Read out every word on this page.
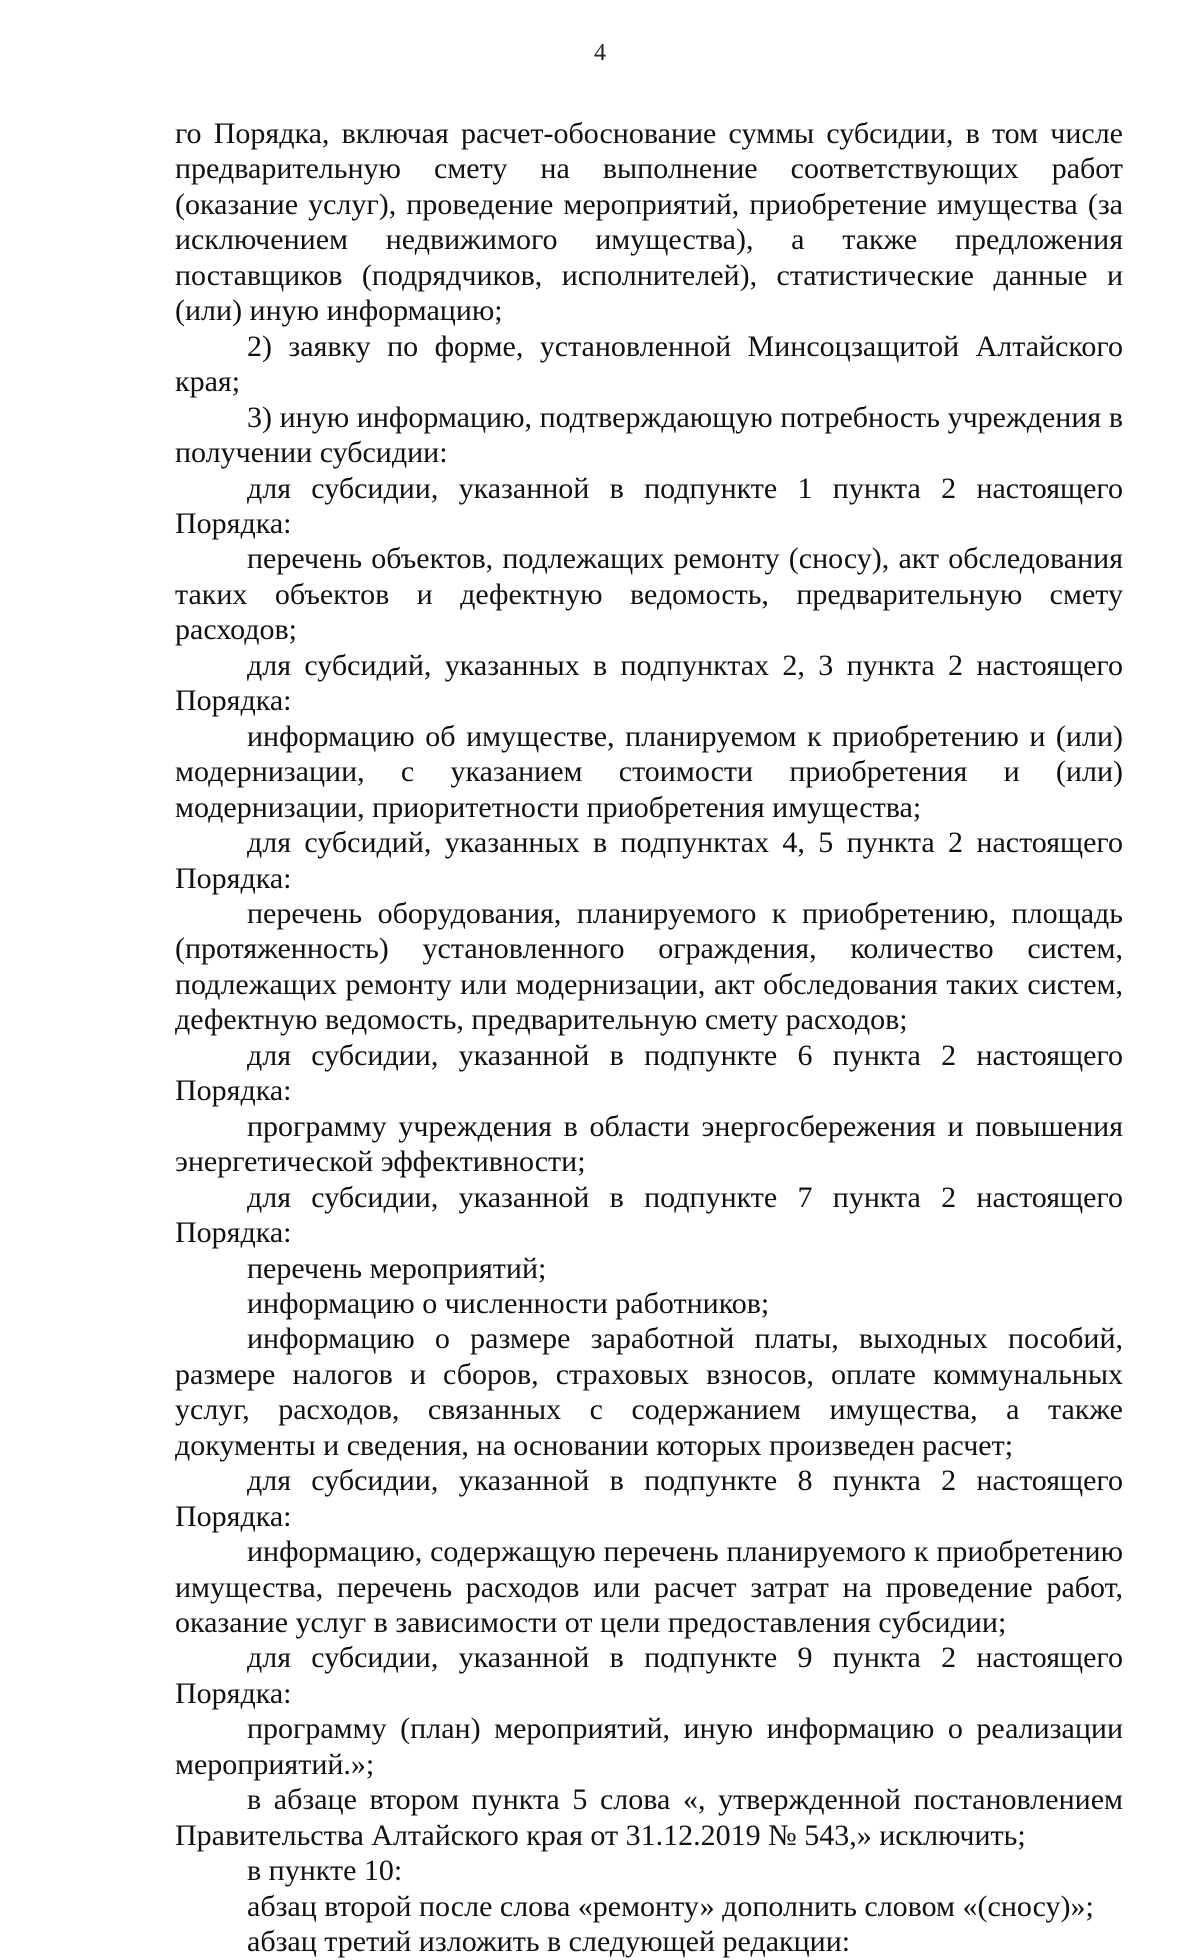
4

го Порядка, включая расчет-обоснование суммы субсидии, в том числе предварительную смету на выполнение соответствующих работ (оказание услуг), проведение мероприятий, приобретение имущества (за исключением недвижимого имущества), а также предложения поставщиков (подрядчиков, исполнителей), статистические данные и (или) иную информацию;

2) заявку по форме, установленной Минсоцзащитой Алтайского края;

3) иную информацию, подтверждающую потребность учреждения в получении субсидии:

для субсидии, указанной в подпункте 1 пункта 2 настоящего Порядка:

перечень объектов, подлежащих ремонту (сносу), акт обследования таких объектов и дефектную ведомость, предварительную смету расходов;

для субсидий, указанных в подпунктах 2, 3 пункта 2 настоящего Порядка:

информацию об имуществе, планируемом к приобретению и (или) модернизации, с указанием стоимости приобретения и (или) модернизации, приоритетности приобретения имущества;

для субсидий, указанных в подпунктах 4, 5 пункта 2 настоящего Порядка:

перечень оборудования, планируемого к приобретению, площадь (протяженность) установленного ограждения, количество систем, подлежащих ремонту или модернизации, акт обследования таких систем, дефектную ведомость, предварительную смету расходов;

для субсидии, указанной в подпункте 6 пункта 2 настоящего Порядка:

программу учреждения в области энергосбережения и повышения энергетической эффективности;

для субсидии, указанной в подпункте 7 пункта 2 настоящего Порядка:

перечень мероприятий;

информацию о численности работников;

информацию о размере заработной платы, выходных пособий, размере налогов и сборов, страховых взносов, оплате коммунальных услуг, расходов, связанных с содержанием имущества, а также документы и сведения, на основании которых произведен расчет;

для субсидии, указанной в подпункте 8 пункта 2 настоящего Порядка:

информацию, содержащую перечень планируемого к приобретению имущества, перечень расходов или расчет затрат на проведение работ, оказание услуг в зависимости от цели предоставления субсидии;

для субсидии, указанной в подпункте 9 пункта 2 настоящего Порядка:

программу (план) мероприятий, иную информацию о реализации мероприятий.»;

в абзаце втором пункта 5 слова «, утвержденной постановлением Правительства Алтайского края от 31.12.2019 № 543,» исключить;

в пункте 10:

абзац второй после слова «ремонту» дополнить словом «(сносу)»;

абзац третий изложить в следующей редакции:
